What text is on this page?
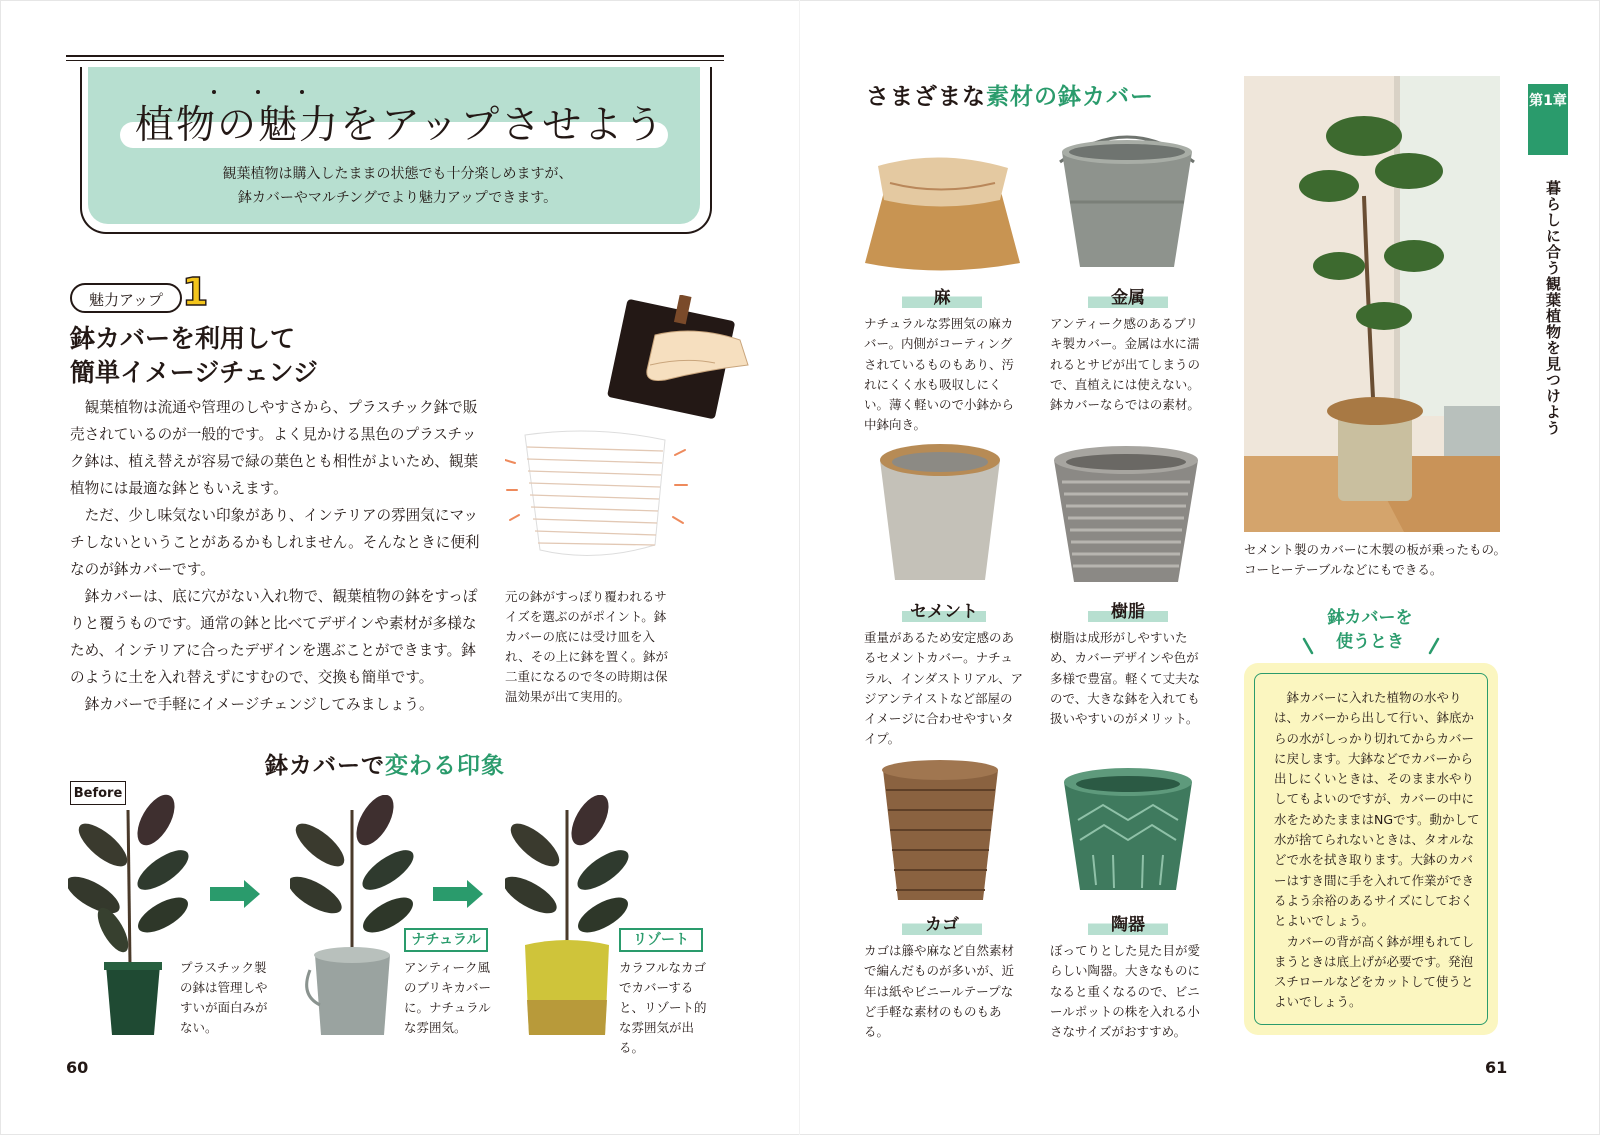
植物の魅力をアップさせよう
観葉植物は購入したままの状態でも十分楽しめますが、
鉢カバーやマルチングでより魅力アップできます。
魅力アップ 1
鉢カバーを利用して
簡単イメージチェンジ

観葉植物は流通や管理のしやすさから、プラスチック鉢で販売されているのが一般的です。よく見かける黒色のプラスチック鉢は、植え替えが容易で緑の葉色とも相性がよいため、観葉植物には最適な鉢ともいえます。

ただ、少し味気ない印象があり、インテリアの雰囲気にマッチしないということがあるかもしれません。そんなときに便利なのが鉢カバーです。

鉢カバーは、底に穴がない入れ物で、観葉植物の鉢をすっぽりと覆うものです。通常の鉢と比べてデザインや素材が多様なため、インテリアに合ったデザインを選ぶことができます。鉢のように土を入れ替えずにすむので、交換も簡単です。

鉢カバーで手軽にイメージチェンジしてみましょう。

元の鉢がすっぽり覆われるサイズを選ぶのがポイント。鉢カバーの底には受け皿を入れ、その上に鉢を置く。鉢が二重になるので冬の時期は保温効果が出て実用的。
鉢カバーで変わる印象
Before
プラスチック製の鉢は管理しやすいが面白みがない。
ナチュラル
アンティーク風のブリキカバーに。ナチュラルな雰囲気。
リゾート
カラフルなカゴでカバーすると、リゾート的な雰囲気が出る。
60
さまざまな素材の鉢カバー
麻	金属
ナチュラルな雰囲気の麻カバー。内側がコーティングされているものもあり、汚れにくく水も吸収しにくい。薄く軽いので小鉢から中鉢向き。
アンティーク感のあるブリキ製カバー。金属は水に濡れるとサビが出てしまうので、直植えには使えない。鉢カバーならではの素材。
セメント	樹脂
重量があるため安定感のあるセメントカバー。ナチュラル、インダストリアル、アジアンテイストなど部屋のイメージに合わせやすいタイプ。
樹脂は成形がしやすいため、カバーデザインや色が多様で豊富。軽くて丈夫なので、大きな鉢を入れても扱いやすいのがメリット。
カゴ	陶器
カゴは籐や麻など自然素材で編んだものが多いが、近年は紙やビニールテープなど手軽な素材のものもある。
ぼってりとした見た目が愛らしい陶器。大きなものになると重くなるので、ビニールポットの株を入れる小さなサイズがおすすめ。
セメント製のカバーに木製の板が乗ったもの。コーヒーテーブルなどにもできる。
第1章
暮らしに合う観葉植物を見つけよう
鉢カバーを
使うとき

鉢カバーに入れた植物の水やりは、カバーから出して行い、鉢底からの水がしっかり切れてからカバーに戻します。大鉢などでカバーから出しにくいときは、そのまま水やりしてもよいのですが、カバーの中に水をためたままはNGです。動かして水が捨てられないときは、タオルなどで水を拭き取ります。大鉢のカバーはすき間に手を入れて作業ができるよう余裕のあるサイズにしておくとよいでしょう。

カバーの背が高く鉢が埋もれてしまうときは底上げが必要です。発泡スチロールなどをカットして使うとよいでしょう。

61
